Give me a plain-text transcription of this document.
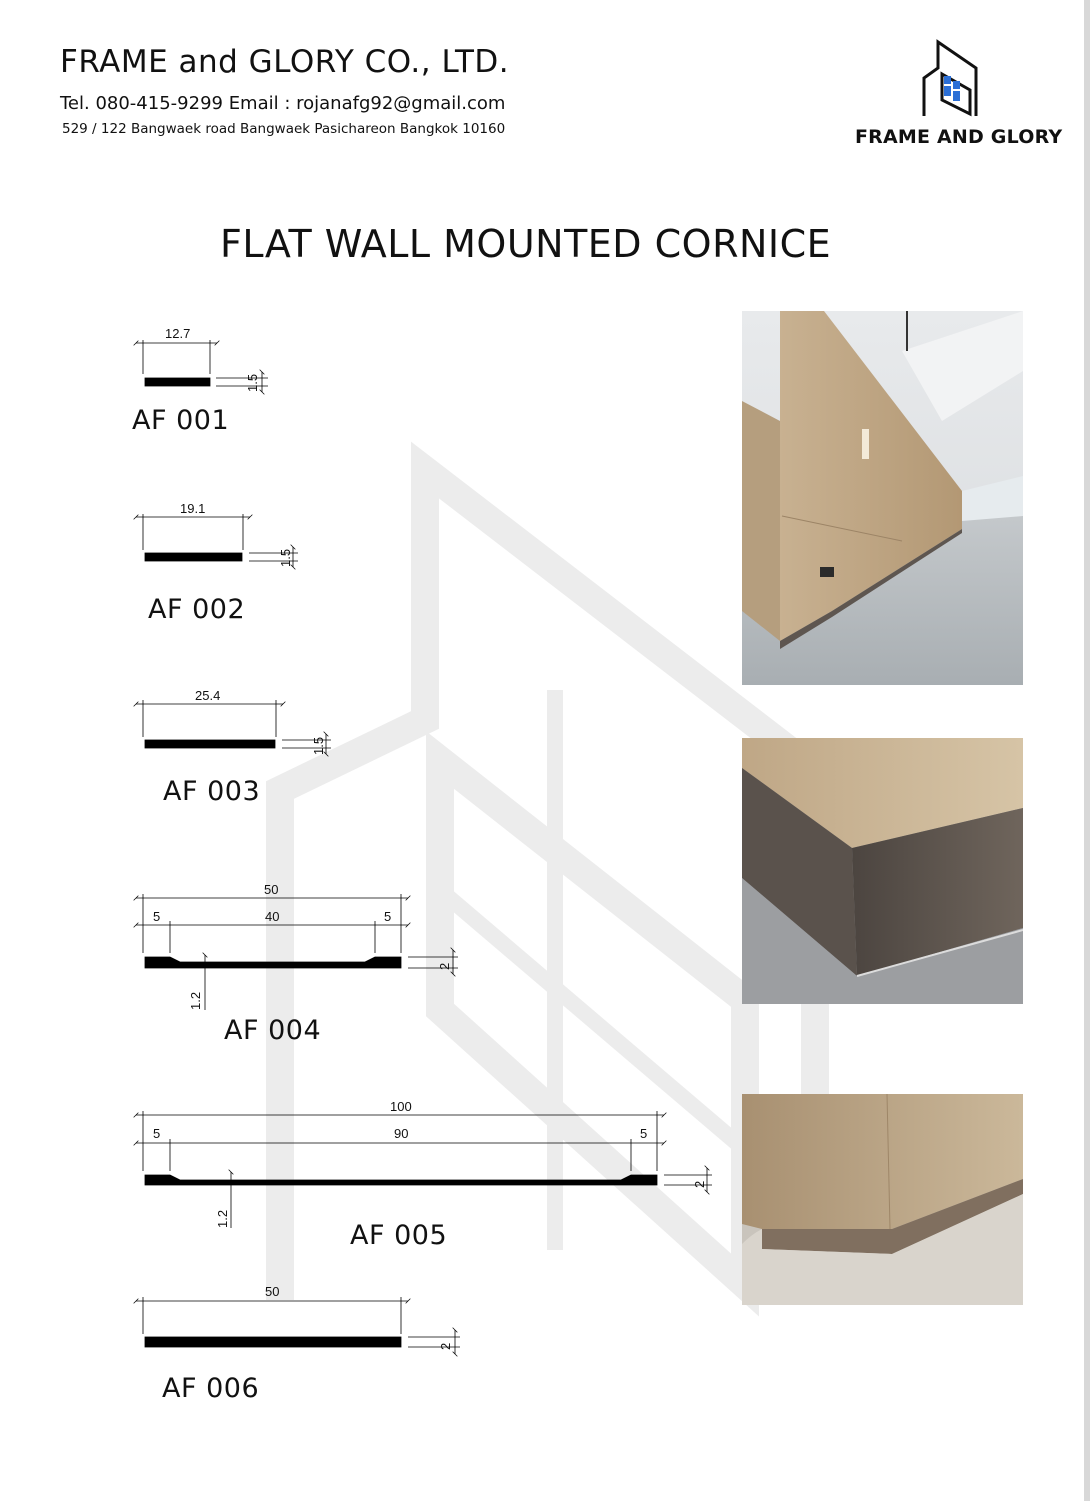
FRAME and GLORY CO., LTD.
Tel. 080-415-9299 Email : rojanafg92@gmail.com
529 / 122 Bangwaek road Bangwaek Pasichareon Bangkok 10160	FRAME AND GLORY
FLAT WALL MOUNTED CORNICE
12.7
1.5
AF 001
19.1
1.5
AF 002
25.4
1.5
AF 003
50
5	40	5
2
1.2
AF 004
100
5	90	5
2
1.2
AF 005
50
2
AF 006
